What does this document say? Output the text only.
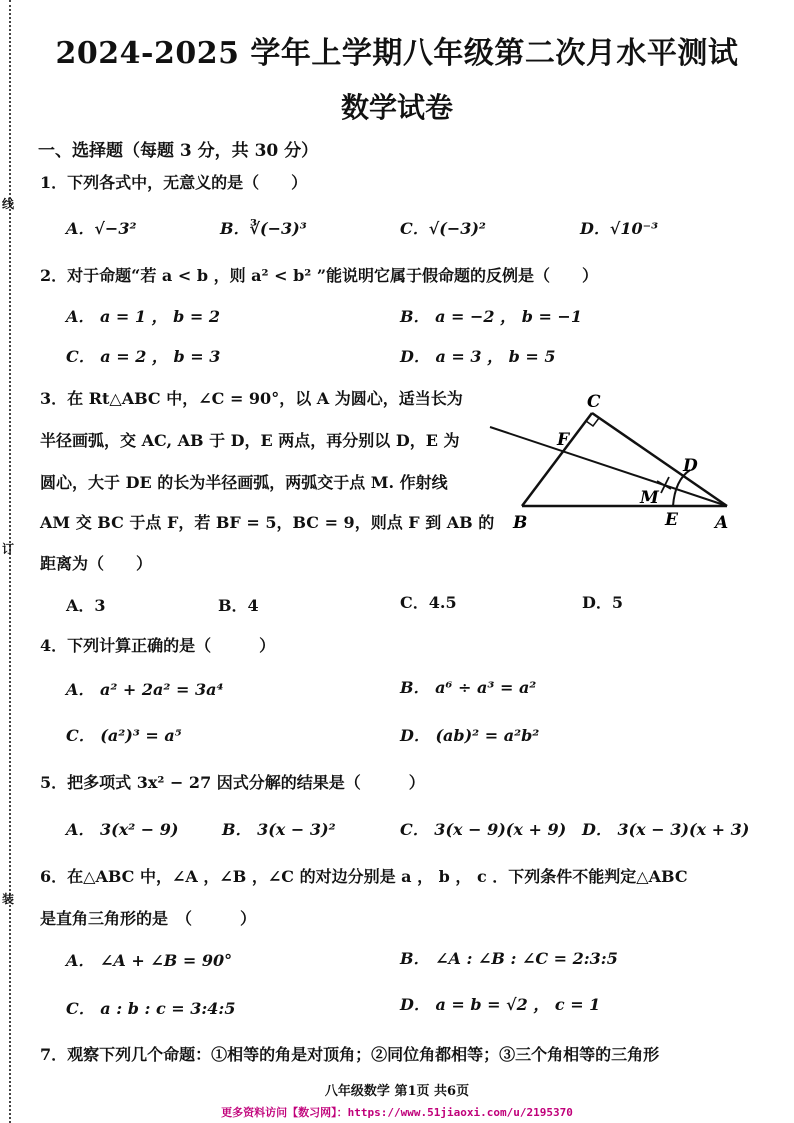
线
订
装
2024-2025 学年上学期八年级第二次月水平测试
数学试卷
一、选择题（每题 3 分，共 30 分）
1．下列各式中，无意义的是（　　）
A．√−3²	B．∛(−3)³	C．√(−3)²	D．√10⁻³
2．对于命题“若 a < b ，则 a² < b² ”能说明它属于假命题的反例是（　　）
A． a = 1 ， b = 2	B． a = −2 ， b = −1
C． a = 2 ， b = 3	D． a = 3 ， b = 5
3．在 Rt△ABC 中，∠C = 90°，以 A 为圆心，适当长为
半径画弧，交 AC, AB 于 D，E 两点，再分别以 D，E 为
圆心，大于 DE 的长为半径画弧，两弧交于点 M. 作射线
AM 交 BC 于点 F，若 BF = 5，BC = 9，则点 F 到 AB 的
距离为（　　）
C
F
D
M
B	E A
A．3	B．4	C．4.5	D．5
4．下列计算正确的是（　　　）
A． a² + 2a² = 3a⁴	B． a⁶ ÷ a³ = a²
C． (a²)³ = a⁵	D． (ab)² = a²b²
5．把多项式 3x² − 27 因式分解的结果是（　　　）
A． 3(x² − 9)	B． 3(x − 3)²	C． 3(x − 9)(x + 9) D． 3(x − 3)(x + 3)
6．在△ABC 中，∠A ，∠B ，∠C 的对边分别是 a ， b ， c ．下列条件不能判定△ABC
是直角三角形的是　（　　　）
A． ∠A + ∠B = 90°	B． ∠A : ∠B : ∠C = 2:3:5
C． a : b : c = 3:4:5	D． a = b = √2 ， c = 1
7．观察下列几个命题：①相等的角是对顶角；②同位角都相等；③三个角相等的三角形
八年级数学 第1页 共6页
更多资料访问【数习网】：https://www.51jiaoxi.com/u/2195370
